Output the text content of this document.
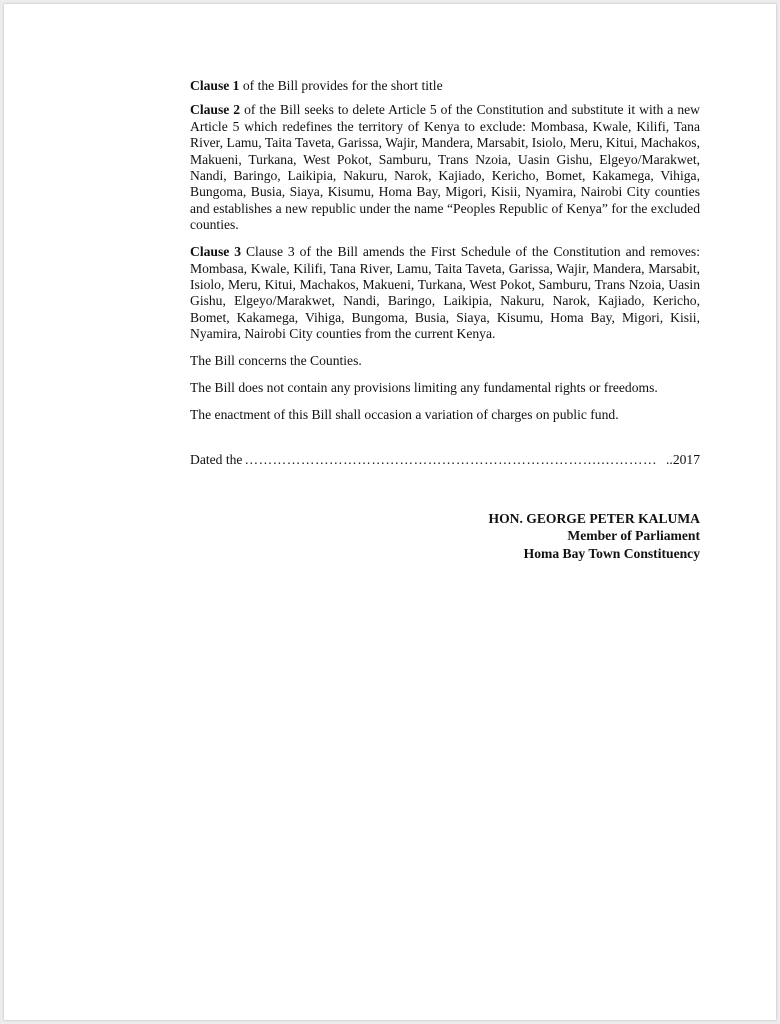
Clause 1 of the Bill provides for the short title

Clause 2 of the Bill seeks to delete Article 5 of the Constitution and substitute it with a new Article 5 which redefines the territory of Kenya to exclude: Mombasa, Kwale, Kilifi, Tana River, Lamu, Taita Taveta, Garissa, Wajir, Mandera, Marsabit, Isiolo, Meru, Kitui, Machakos, Makueni, Turkana, West Pokot, Samburu, Trans Nzoia, Uasin Gishu, Elgeyo/Marakwet, Nandi, Baringo, Laikipia, Nakuru, Narok, Kajiado, Kericho, Bomet, Kakamega, Vihiga, Bungoma, Busia, Siaya, Kisumu, Homa Bay, Migori, Kisii, Nyamira, Nairobi City counties and establishes a new republic under the name “Peoples Republic of Kenya” for the excluded counties.

Clause 3 Clause 3 of the Bill amends the First Schedule of the Constitution and removes: Mombasa, Kwale, Kilifi, Tana River, Lamu, Taita Taveta, Garissa, Wajir, Mandera, Marsabit, Isiolo, Meru, Kitui, Machakos, Makueni, Turkana, West Pokot, Samburu, Trans Nzoia, Uasin Gishu, Elgeyo/Marakwet, Nandi, Baringo, Laikipia, Nakuru, Narok, Kajiado, Kericho, Bomet, Kakamega, Vihiga, Bungoma, Busia, Siaya, Kisumu, Homa Bay, Migori, Kisii, Nyamira, Nairobi City counties from the current Kenya.

The Bill concerns the Counties.

The Bill does not contain any provisions limiting any fundamental rights or freedoms.

The enactment of this Bill shall occasion a variation of charges on public fund.

Dated the ………………………………………………………………….………… ..2017
HON. GEORGE PETER KALUMA
Member of Parliament
Homa Bay Town Constituency
